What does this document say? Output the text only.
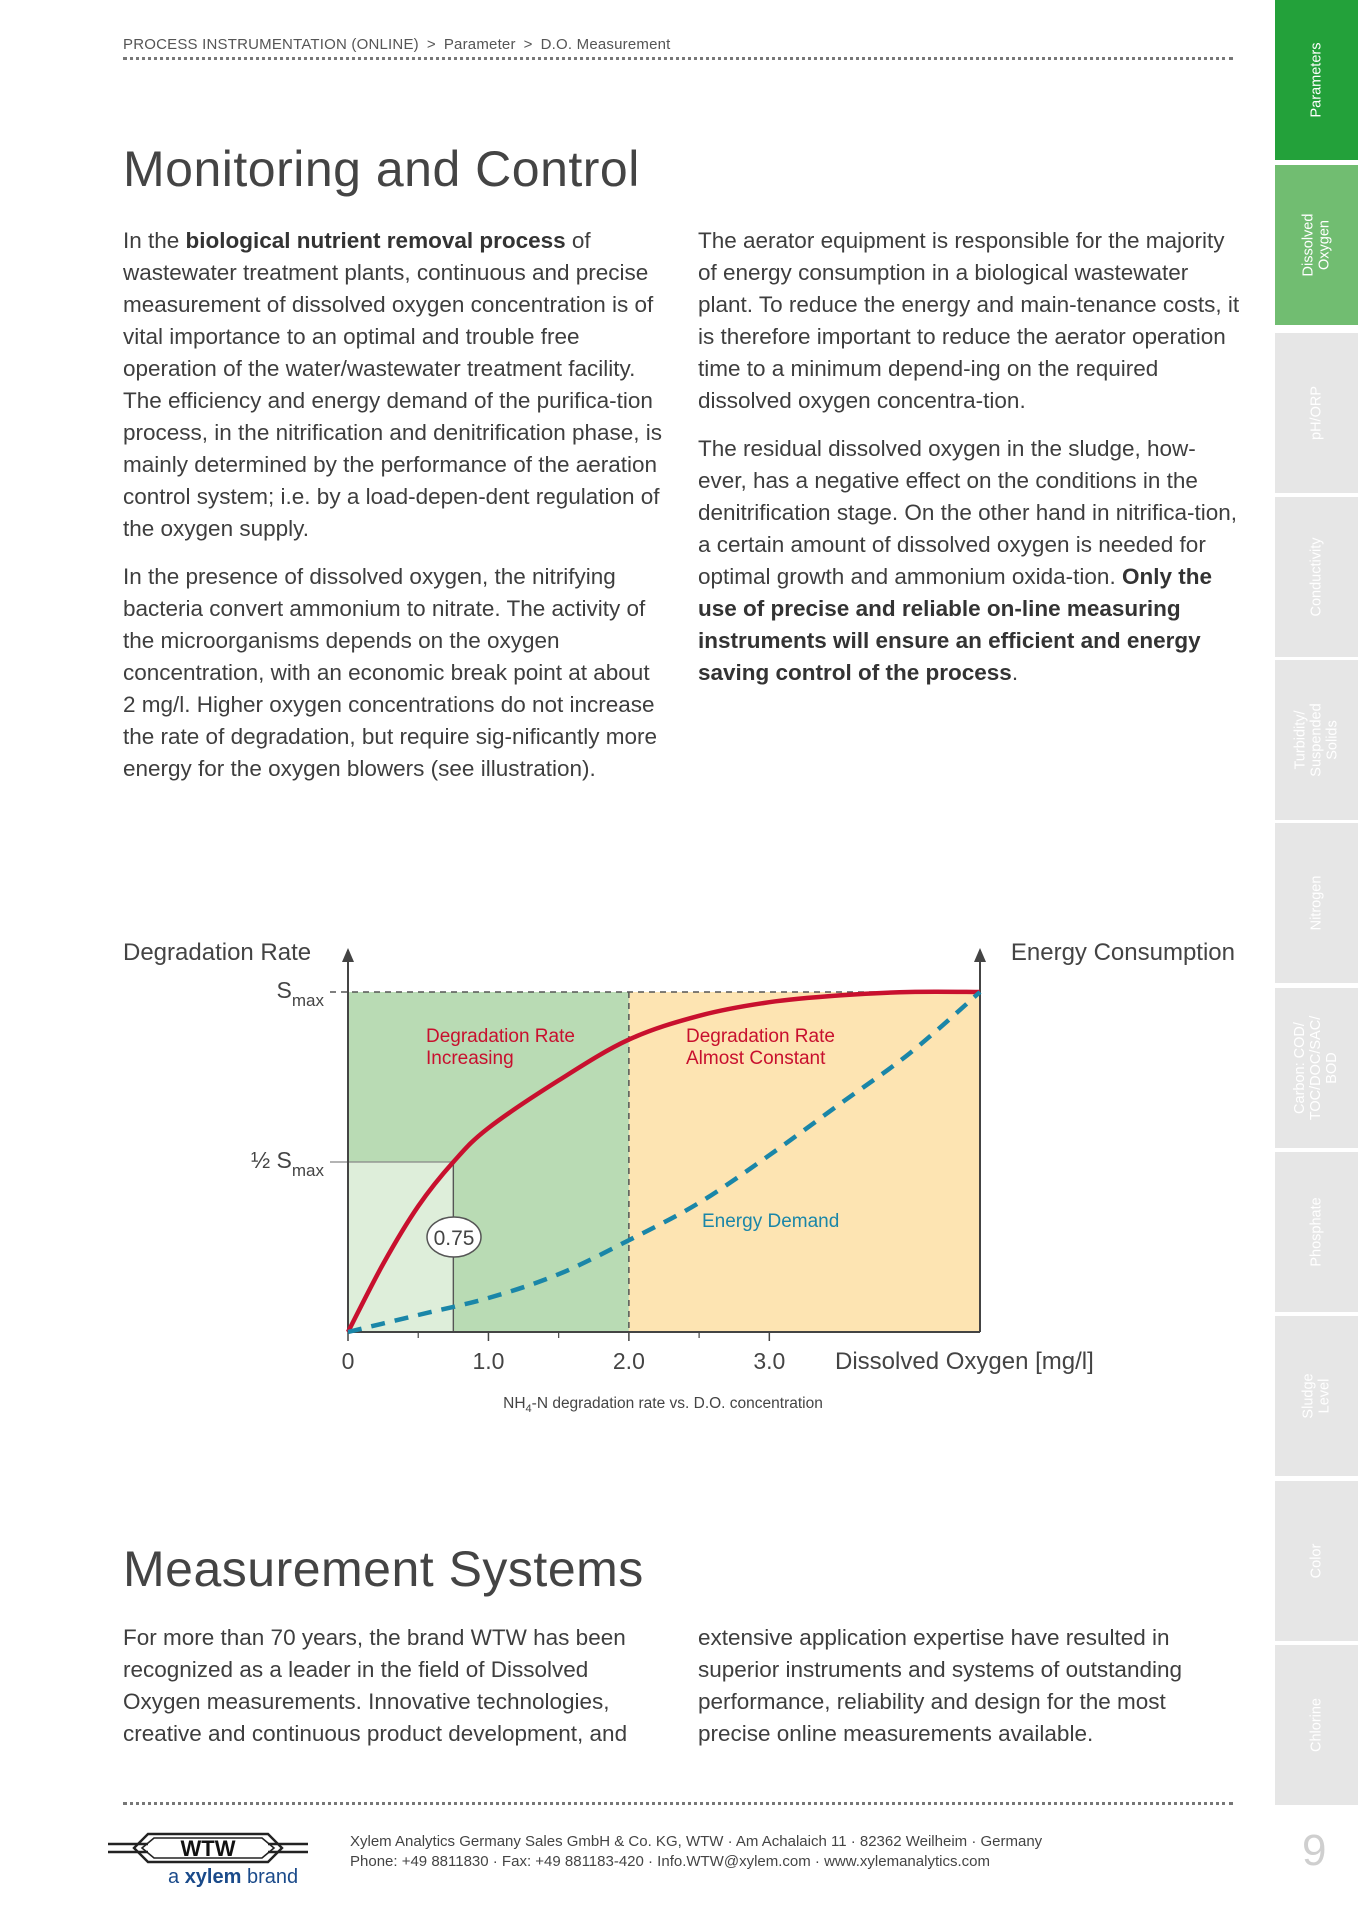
PROCESS INSTRUMENTATION (ONLINE) > Parameter > D.O. Measurement
Monitoring and Control

In the biological nutrient removal process of wastewater treatment plants, continuous and precise measurement of dissolved oxygen concentration is of vital importance to an optimal and trouble free operation of the water/wastewater treatment facility. The efficiency and energy demand of the purifica-tion process, in the nitrification and denitrification phase, is mainly determined by the performance of the aeration control system; i.e. by a load-depen-dent regulation of the oxygen supply.

In the presence of dissolved oxygen, the nitrifying bacteria convert ammonium to nitrate. The activity of the microorganisms depends on the oxygen concentration, with an economic break point at about 2 mg/l. Higher oxygen concentrations do not increase the rate of degradation, but require sig-nificantly more energy for the oxygen blowers (see illustration).

The aerator equipment is responsible for the majority of energy consumption in a biological wastewater plant. To reduce the energy and main-tenance costs, it is therefore important to reduce the aerator operation time to a minimum depend-ing on the required dissolved oxygen concentra-tion.

The residual dissolved oxygen in the sludge, how-ever, has a negative effect on the conditions in the denitrification stage. On the other hand in nitrifica-tion, a certain amount of dissolved oxygen is needed for optimal growth and ammonium oxida-tion. Only the use of precise and reliable on-line measuring instruments will ensure an efficient and energy saving control of the process.

0	1.0	2.0	3.0
½ $S_{max}$
$S_{max}$
Degradation Rate	Energy Consumption
Dissolved Oxygen [mg/l]
Degradation Rate
Increasing
Degradation Rate
Almost Constant
Energy Demand
0.75
$NH_4-N$ degradation rate vs. D.O. concentration
Measurement Systems

For more than 70 years, the brand WTW has been recognized as a leader in the field of Dissolved Oxygen measurements. Innovative technologies, creative and continuous product development, and

extensive application expertise have resulted in superior instruments and systems of outstanding performance, reliability and design for the most precise online measurements available.

Parameters
Dissolved Oxygen
pH/ORP
Conductivity
Turbidity/ Suspended Solids
Nitrogen
Carbon: COD/ TOC/DOC/SAC/ BOD
Phosphate
Sludge Level
Color
Chlorine
WTW
a xylem brand
Xylem Analytics Germany Sales GmbH & Co. KG, WTW · Am Achalaich 11 · 82362 Weilheim · Germany
Phone: +49 8811830 · Fax: +49 881183-420 · Info.WTW@xylem.com · www.xylemanalytics.com	9
